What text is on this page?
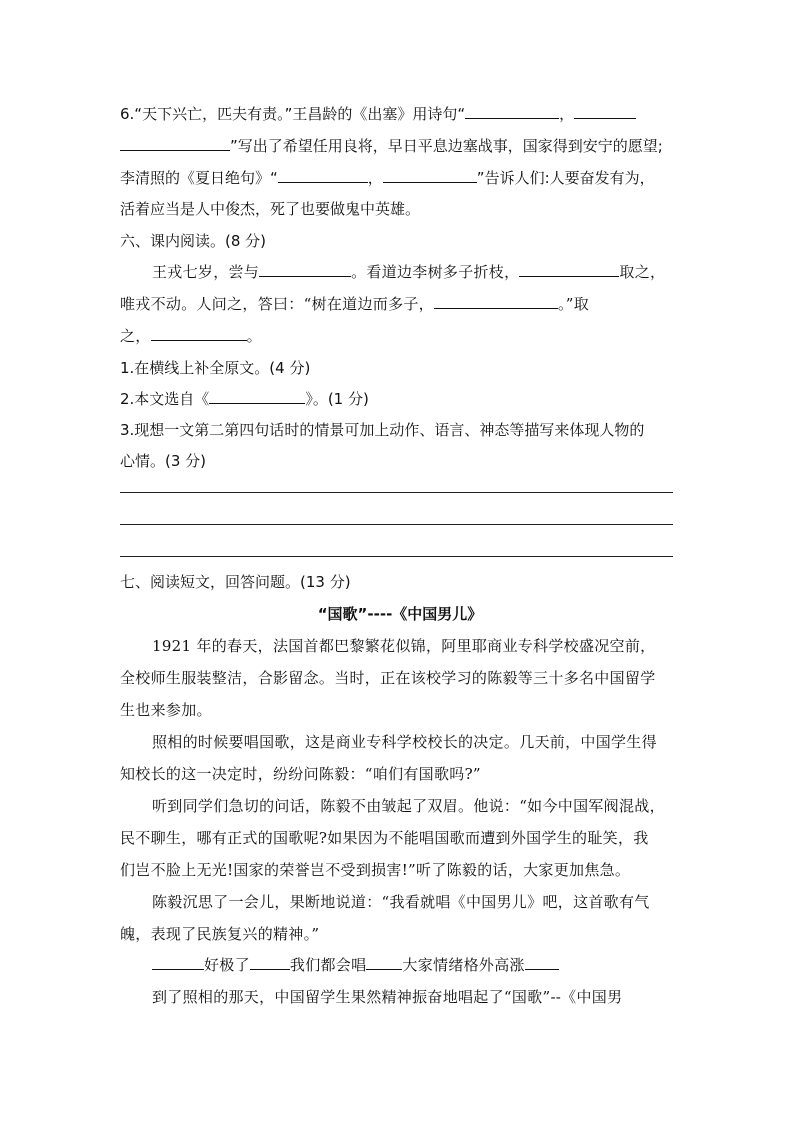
6.“天下兴亡，匹夫有责。”王昌龄的《出塞》用诗句“	，
”写出了希望任用良将，早日平息边塞战事，国家得到安宁的愿望;
李清照的《夏日绝句》“	，	”告诉人们:人要奋发有为，
活着应当是人中俊杰，死了也要做鬼中英雄。
六、课内阅读。(8 分)
王戎七岁，尝与	。看道边李树多子折枝，	取之，
唯戎不动。人问之，答曰：“树在道边而多子，	。”取
之，	。
1.在横线上补全原文。(4 分)
2.本文选自《	》。(1 分)
3.现想一文第二第四句话时的情景可加上动作、语言、神态等描写来体现人物的
心情。(3 分)
七、阅读短文，回答问题。(13 分)
“国歌”----《中国男儿》
1921 年的春天，法国首都巴黎繁花似锦，阿里耶商业专科学校盛况空前，
全校师生服装整洁，合影留念。当时，正在该校学习的陈毅等三十多名中国留学
生也来参加。
照相的时候要唱国歌，这是商业专科学校校长的决定。几天前，中国学生得
知校长的这一决定时，纷纷问陈毅：“咱们有国歌吗?”
听到同学们急切的问话，陈毅不由皱起了双眉。他说：“如今中国军阀混战，
民不聊生，哪有正式的国歌呢?如果因为不能唱国歌而遭到外国学生的耻笑，我
们岂不脸上无光!国家的荣誉岂不受到损害!”听了陈毅的话，大家更加焦急。
陈毅沉思了一会儿，果断地说道：“我看就唱《中国男儿》吧，这首歌有气
魄，表现了民族复兴的精神。”
好极了	我们都会唱 大家情绪格外高涨
到了照相的那天，中国留学生果然精神振奋地唱起了“国歌”--《中国男
